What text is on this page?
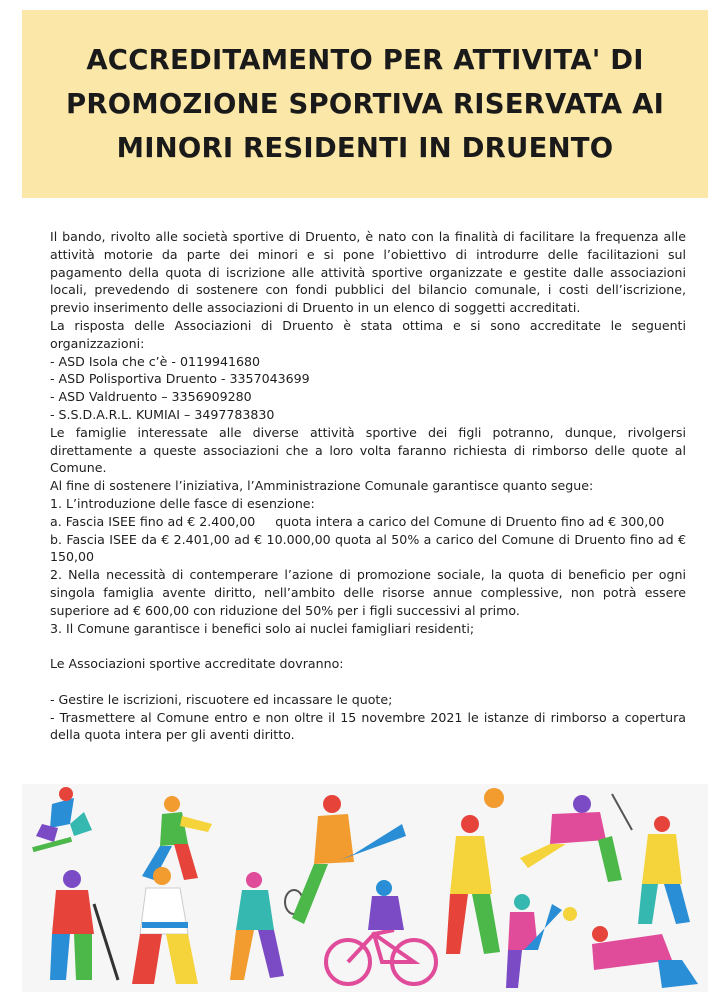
ACCREDITAMENTO PER ATTIVITA' DI
PROMOZIONE SPORTIVA RISERVATA AI
MINORI RESIDENTI IN DRUENTO

Il bando, rivolto alle società sportive di Druento, è nato con la finalità di facilitare la frequenza alle attività motorie da parte dei minori e si pone l’obiettivo di introdurre delle facilitazioni sul pagamento della quota di iscrizione alle attività sportive organizzate e gestite dalle associazioni locali, prevedendo di sostenere con fondi pubblici del bilancio comunale, i costi dell’iscrizione, previo inserimento delle associazioni di Druento in un elenco di soggetti accreditati.

La risposta delle Associazioni di Druento è stata ottima e si sono accreditate le seguenti organizzazioni:

- ASD Isola che c’è - 0119941680

- ASD Polisportiva Druento - 3357043699

- ASD Valdruento – 3356909280

- S.S.D.A.R.L. KUMIAI – 3497783830

Le famiglie interessate alle diverse attività sportive dei figli potranno, dunque, rivolgersi direttamente a queste associazioni che a loro volta faranno richiesta di rimborso delle quote al Comune.

Al fine di sostenere l’iniziativa, l’Amministrazione Comunale garantisce quanto segue:

1. L’introduzione delle fasce di esenzione:

a. Fascia ISEE fino ad € 2.400,00     quota intera a carico del Comune di Druento fino ad € 300,00

b. Fascia ISEE da € 2.401,00 ad € 10.000,00 quota al 50% a carico del Comune di Druento fino ad € 150,00

2. Nella necessità di contemperare l’azione di promozione sociale, la quota di beneficio per ogni singola famiglia avente diritto, nell’ambito delle risorse annue complessive, non potrà essere superiore ad € 600,00 con riduzione del 50% per i figli successivi al primo.

3. Il Comune garantisce i benefici solo ai nuclei famigliari residenti;

Le Associazioni sportive accreditate dovranno:

- Gestire le iscrizioni, riscuotere ed incassare le quote;

- Trasmettere al Comune entro e non oltre il 15 novembre 2021 le istanze di rimborso a copertura della quota intera per gli aventi diritto.
